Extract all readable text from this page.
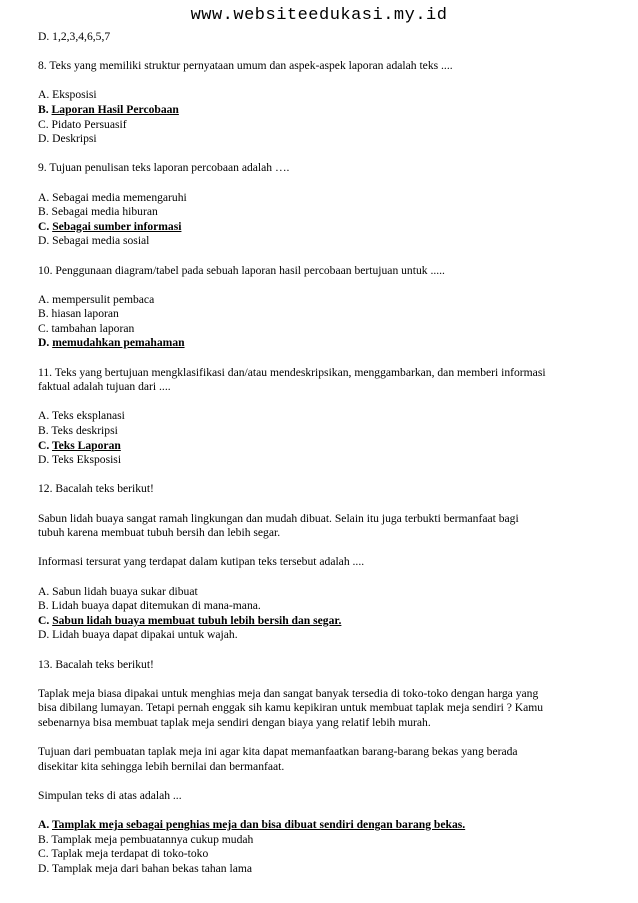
www.websiteedukasi.my.id
D. 1,2,3,4,6,5,7
8. Teks yang memiliki struktur pernyataan umum dan aspek-aspek laporan adalah teks ....
A. Eksposisi
B. Laporan Hasil Percobaan
C. Pidato Persuasif
D. Deskripsi
9. Tujuan penulisan teks laporan percobaan adalah ….
A. Sebagai media memengaruhi
B. Sebagai media hiburan
C. Sebagai sumber informasi
D. Sebagai media sosial
10. Penggunaan diagram/tabel pada sebuah laporan hasil percobaan bertujuan untuk .....
A. mempersulit pembaca
B. hiasan laporan
C. tambahan laporan
D. memudahkan pemahaman
11. Teks yang bertujuan mengklasifikasi dan/atau mendeskripsikan, menggambarkan, dan memberi informasi
faktual adalah tujuan dari ....
A. Teks eksplanasi
B. Teks deskripsi
C. Teks Laporan
D. Teks Eksposisi
12. Bacalah teks berikut!
Sabun lidah buaya sangat ramah lingkungan dan mudah dibuat. Selain itu juga terbukti bermanfaat bagi
tubuh karena membuat tubuh bersih dan lebih segar.
Informasi tersurat yang terdapat dalam kutipan teks tersebut adalah ....
A. Sabun lidah buaya sukar dibuat
B. Lidah buaya dapat ditemukan di mana-mana.
C. Sabun lidah buaya membuat tubuh lebih bersih dan segar.
D. Lidah buaya dapat dipakai untuk wajah.
13. Bacalah teks berikut!
Taplak meja biasa dipakai untuk menghias meja dan sangat banyak tersedia di toko-toko dengan harga yang
bisa dibilang lumayan. Tetapi pernah enggak sih kamu kepikiran untuk membuat taplak meja sendiri ? Kamu
sebenarnya bisa membuat taplak meja sendiri dengan biaya yang relatif lebih murah.
Tujuan dari pembuatan taplak meja ini agar kita dapat memanfaatkan barang-barang bekas yang berada
disekitar kita sehingga lebih bernilai dan bermanfaat.
Simpulan teks di atas adalah ...
A. Tamplak meja sebagai penghias meja dan bisa dibuat sendiri dengan barang bekas.
B. Tamplak meja pembuatannya cukup mudah
C. Taplak meja terdapat di toko-toko
D. Tamplak meja dari bahan bekas tahan lama
